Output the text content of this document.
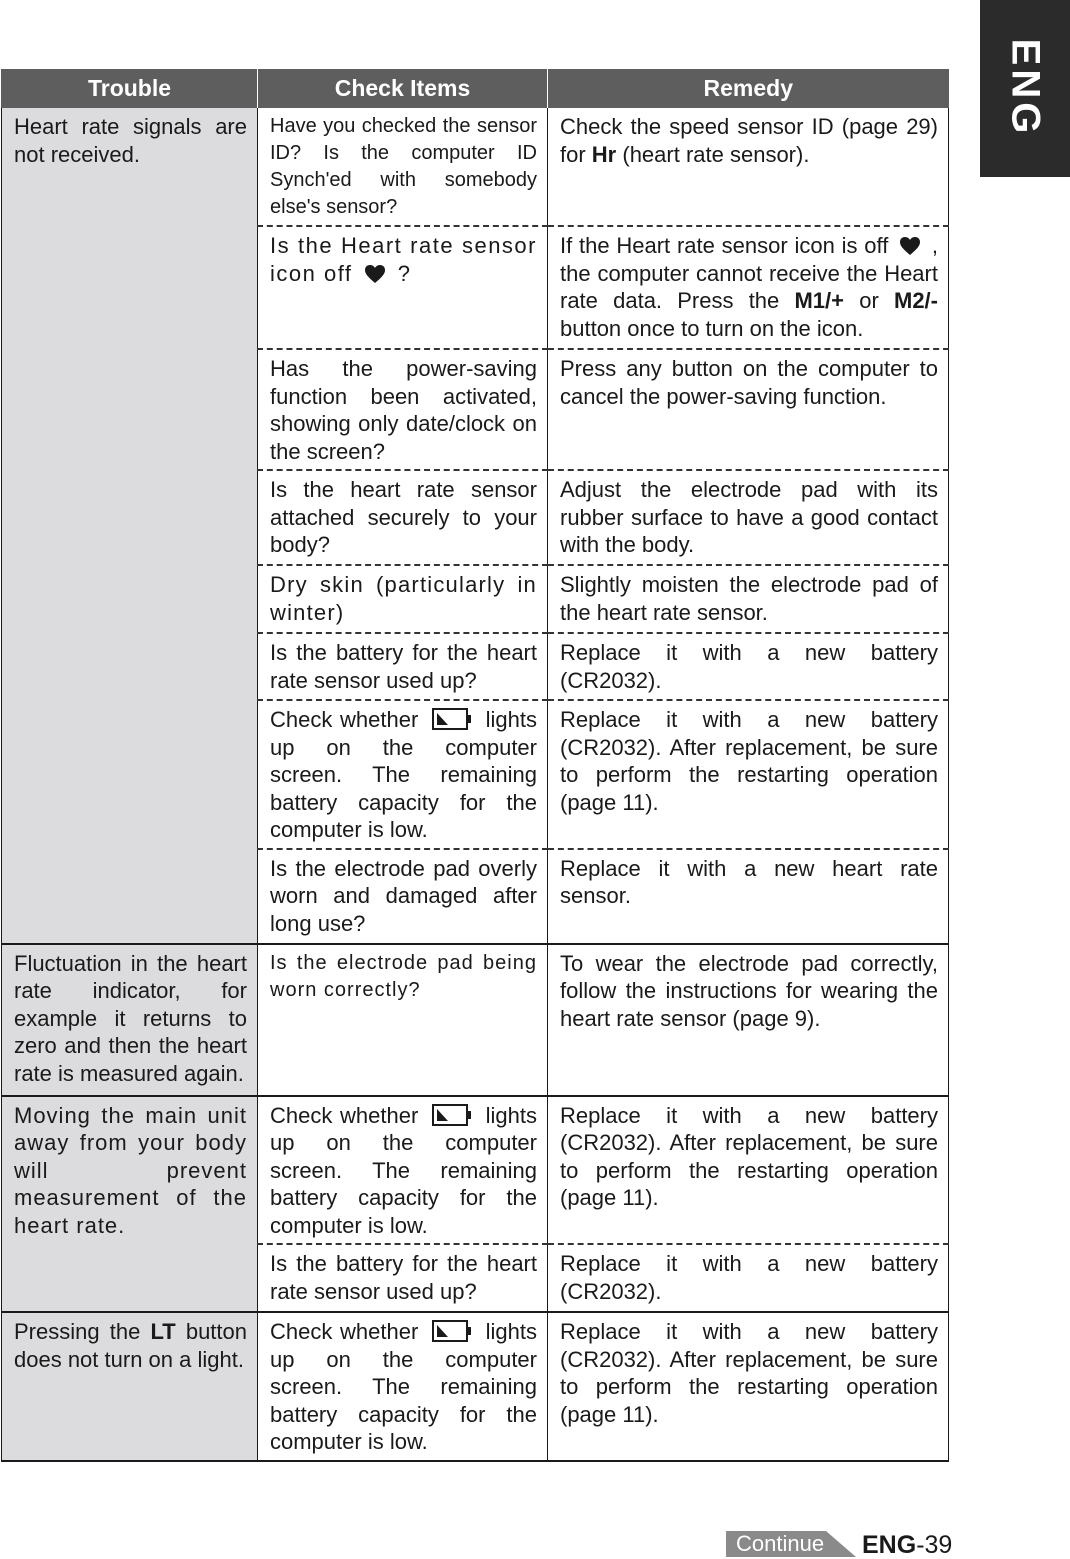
ENG
Trouble	Check Items	Remedy
Heart rate signals are not received.	Have you checked the sensor ID? Is the computer ID Synch'ed with somebody else's sensor?	Check the speed sensor ID (page 29) for Hr (heart rate sensor).
	Is the Heart rate sensor icon off  ?	If the Heart rate sensor icon is off  , the computer cannot receive the Heart rate data. Press the M1/+ or M2/- button once to turn on the icon.
	Has the power-saving function been activated, showing only date/clock on the screen?	Press any button on the computer to cancel the power-saving function.
	Is the heart rate sensor attached securely to your body?	Adjust the electrode pad with its rubber surface to have a good contact with the body.
	Dry skin (particularly in winter)	Slightly moisten the electrode pad of the heart rate sensor.
	Is the battery for the heart rate sensor used up?	Replace it with a new battery (CR2032).
	Check whether  lights up on the computer screen. The remaining battery capacity for the computer is low.	Replace it with a new battery (CR2032). After replacement, be sure to perform the restarting operation (page 11).
	Is the electrode pad overly worn and damaged after long use?	Replace it with a new heart rate sensor.
Fluctuation in the heart rate indicator, for example it returns to zero and then the heart rate is measured again.	Is the electrode pad being worn correctly?	To wear the electrode pad correctly, follow the instructions for wearing the heart rate sensor (page 9).
Moving the main unit away from your body will prevent measurement of the heart rate.	Check whether  lights up on the computer screen. The remaining battery capacity for the computer is low.	Replace it with a new battery (CR2032). After replacement, be sure to perform the restarting operation (page 11).
	Is the battery for the heart rate sensor used up?	Replace it with a new battery (CR2032).
Pressing the LT button does not turn on a light.	Check whether  lights up on the computer screen. The remaining battery capacity for the computer is low.	Replace it with a new battery (CR2032). After replacement, be sure to perform the restarting operation (page 11).
Continue ENG-39
